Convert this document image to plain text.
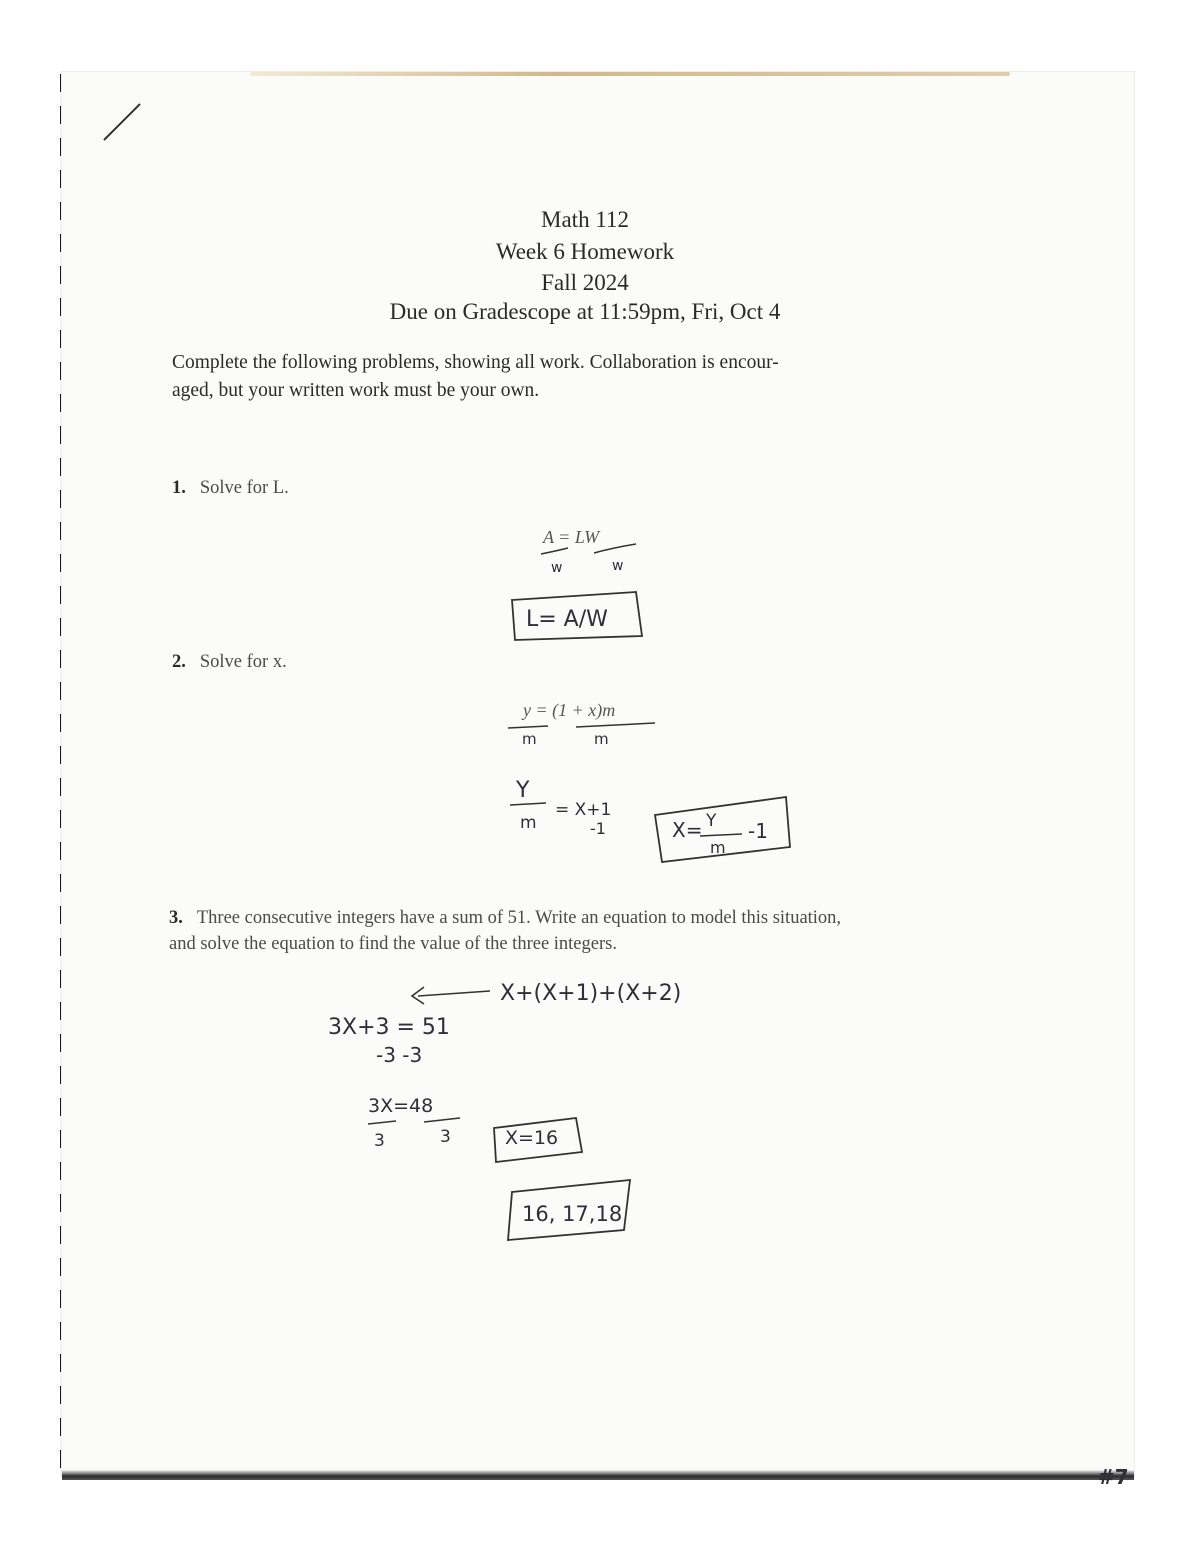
Math 112
Week 6 Homework
Fall 2024
Due on Gradescope at 11:59pm, Fri, Oct 4
Complete the following problems, showing all work. Collaboration is encour-
aged, but your written work must be your own.
1. Solve for L.
A = LW
2. Solve for x.
y = (1 + x)m
3. Three consecutive integers have a sum of 51. Write an equation to model this situation,
and solve the equation to find the value of the three integers.
w	w
L= A/W
m	m
Y
m
= X+1
-1	X= Y
m
-1
X+(X+1)+(X+2)
3X+3 = 51
-3 -3
3X=48
3	3	X=16
16, 17,18
#7
